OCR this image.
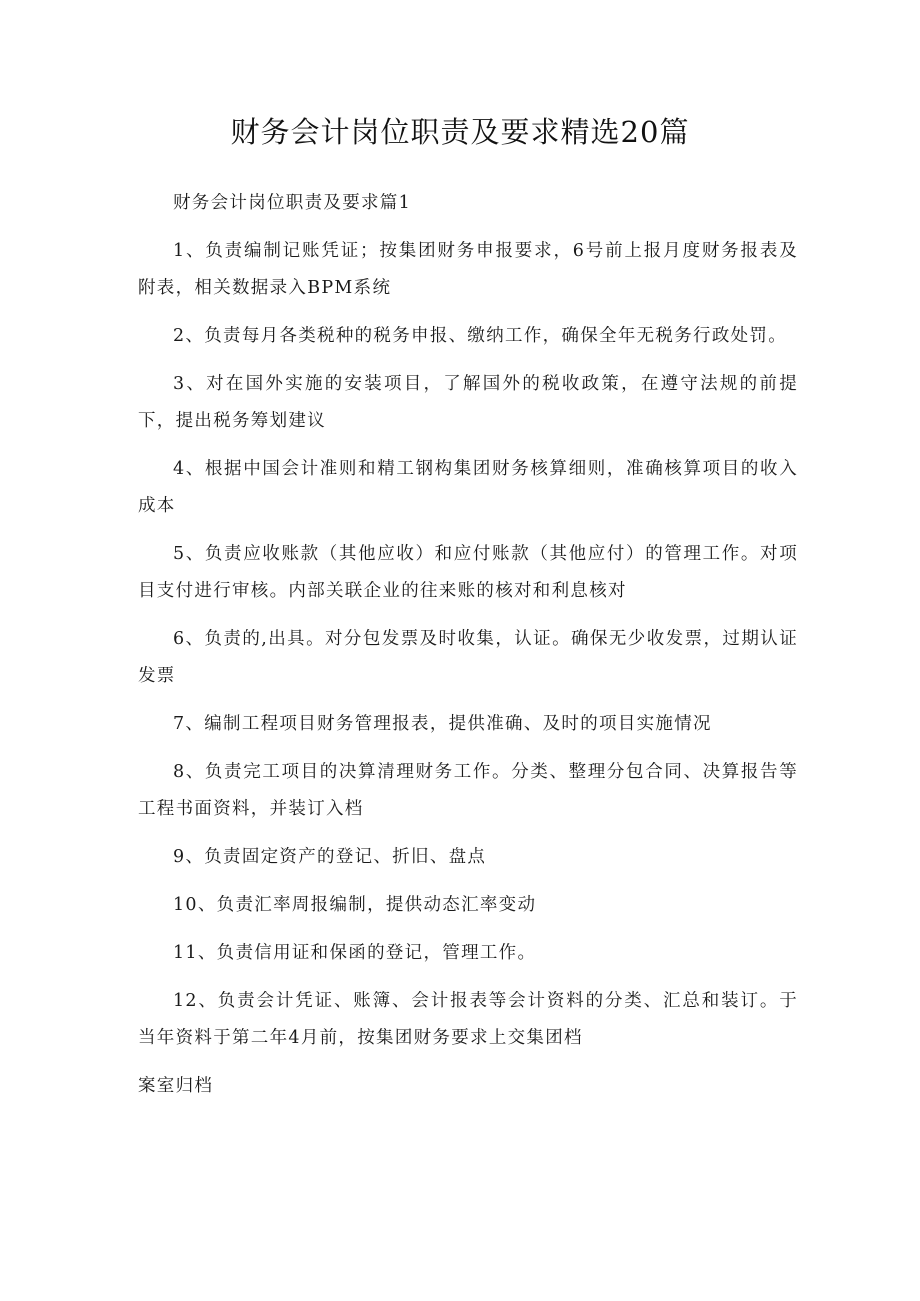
财务会计岗位职责及要求精选20篇

财务会计岗位职责及要求篇1

1、负责编制记账凭证；按集团财务申报要求，6号前上报月度财务报表及附表，相关数据录入BPM系统

2、负责每月各类税种的税务申报、缴纳工作，确保全年无税务行政处罚。

3、对在国外实施的安装项目，了解国外的税收政策，在遵守法规的前提下，提出税务筹划建议

4、根据中国会计准则和精工钢构集团财务核算细则，准确核算项目的收入成本

5、负责应收账款（其他应收）和应付账款（其他应付）的管理工作。对项目支付进行审核。内部关联企业的往来账的核对和利息核对

6、负责的,出具。对分包发票及时收集，认证。确保无少收发票，过期认证发票

7、编制工程项目财务管理报表，提供准确、及时的项目实施情况

8、负责完工项目的决算清理财务工作。分类、整理分包合同、决算报告等工程书面资料，并装订入档

9、负责固定资产的登记、折旧、盘点

10、负责汇率周报编制，提供动态汇率变动

11、负责信用证和保函的登记，管理工作。

12、负责会计凭证、账簿、会计报表等会计资料的分类、汇总和装订。于当年资料于第二年4月前，按集团财务要求上交集团档

案室归档
